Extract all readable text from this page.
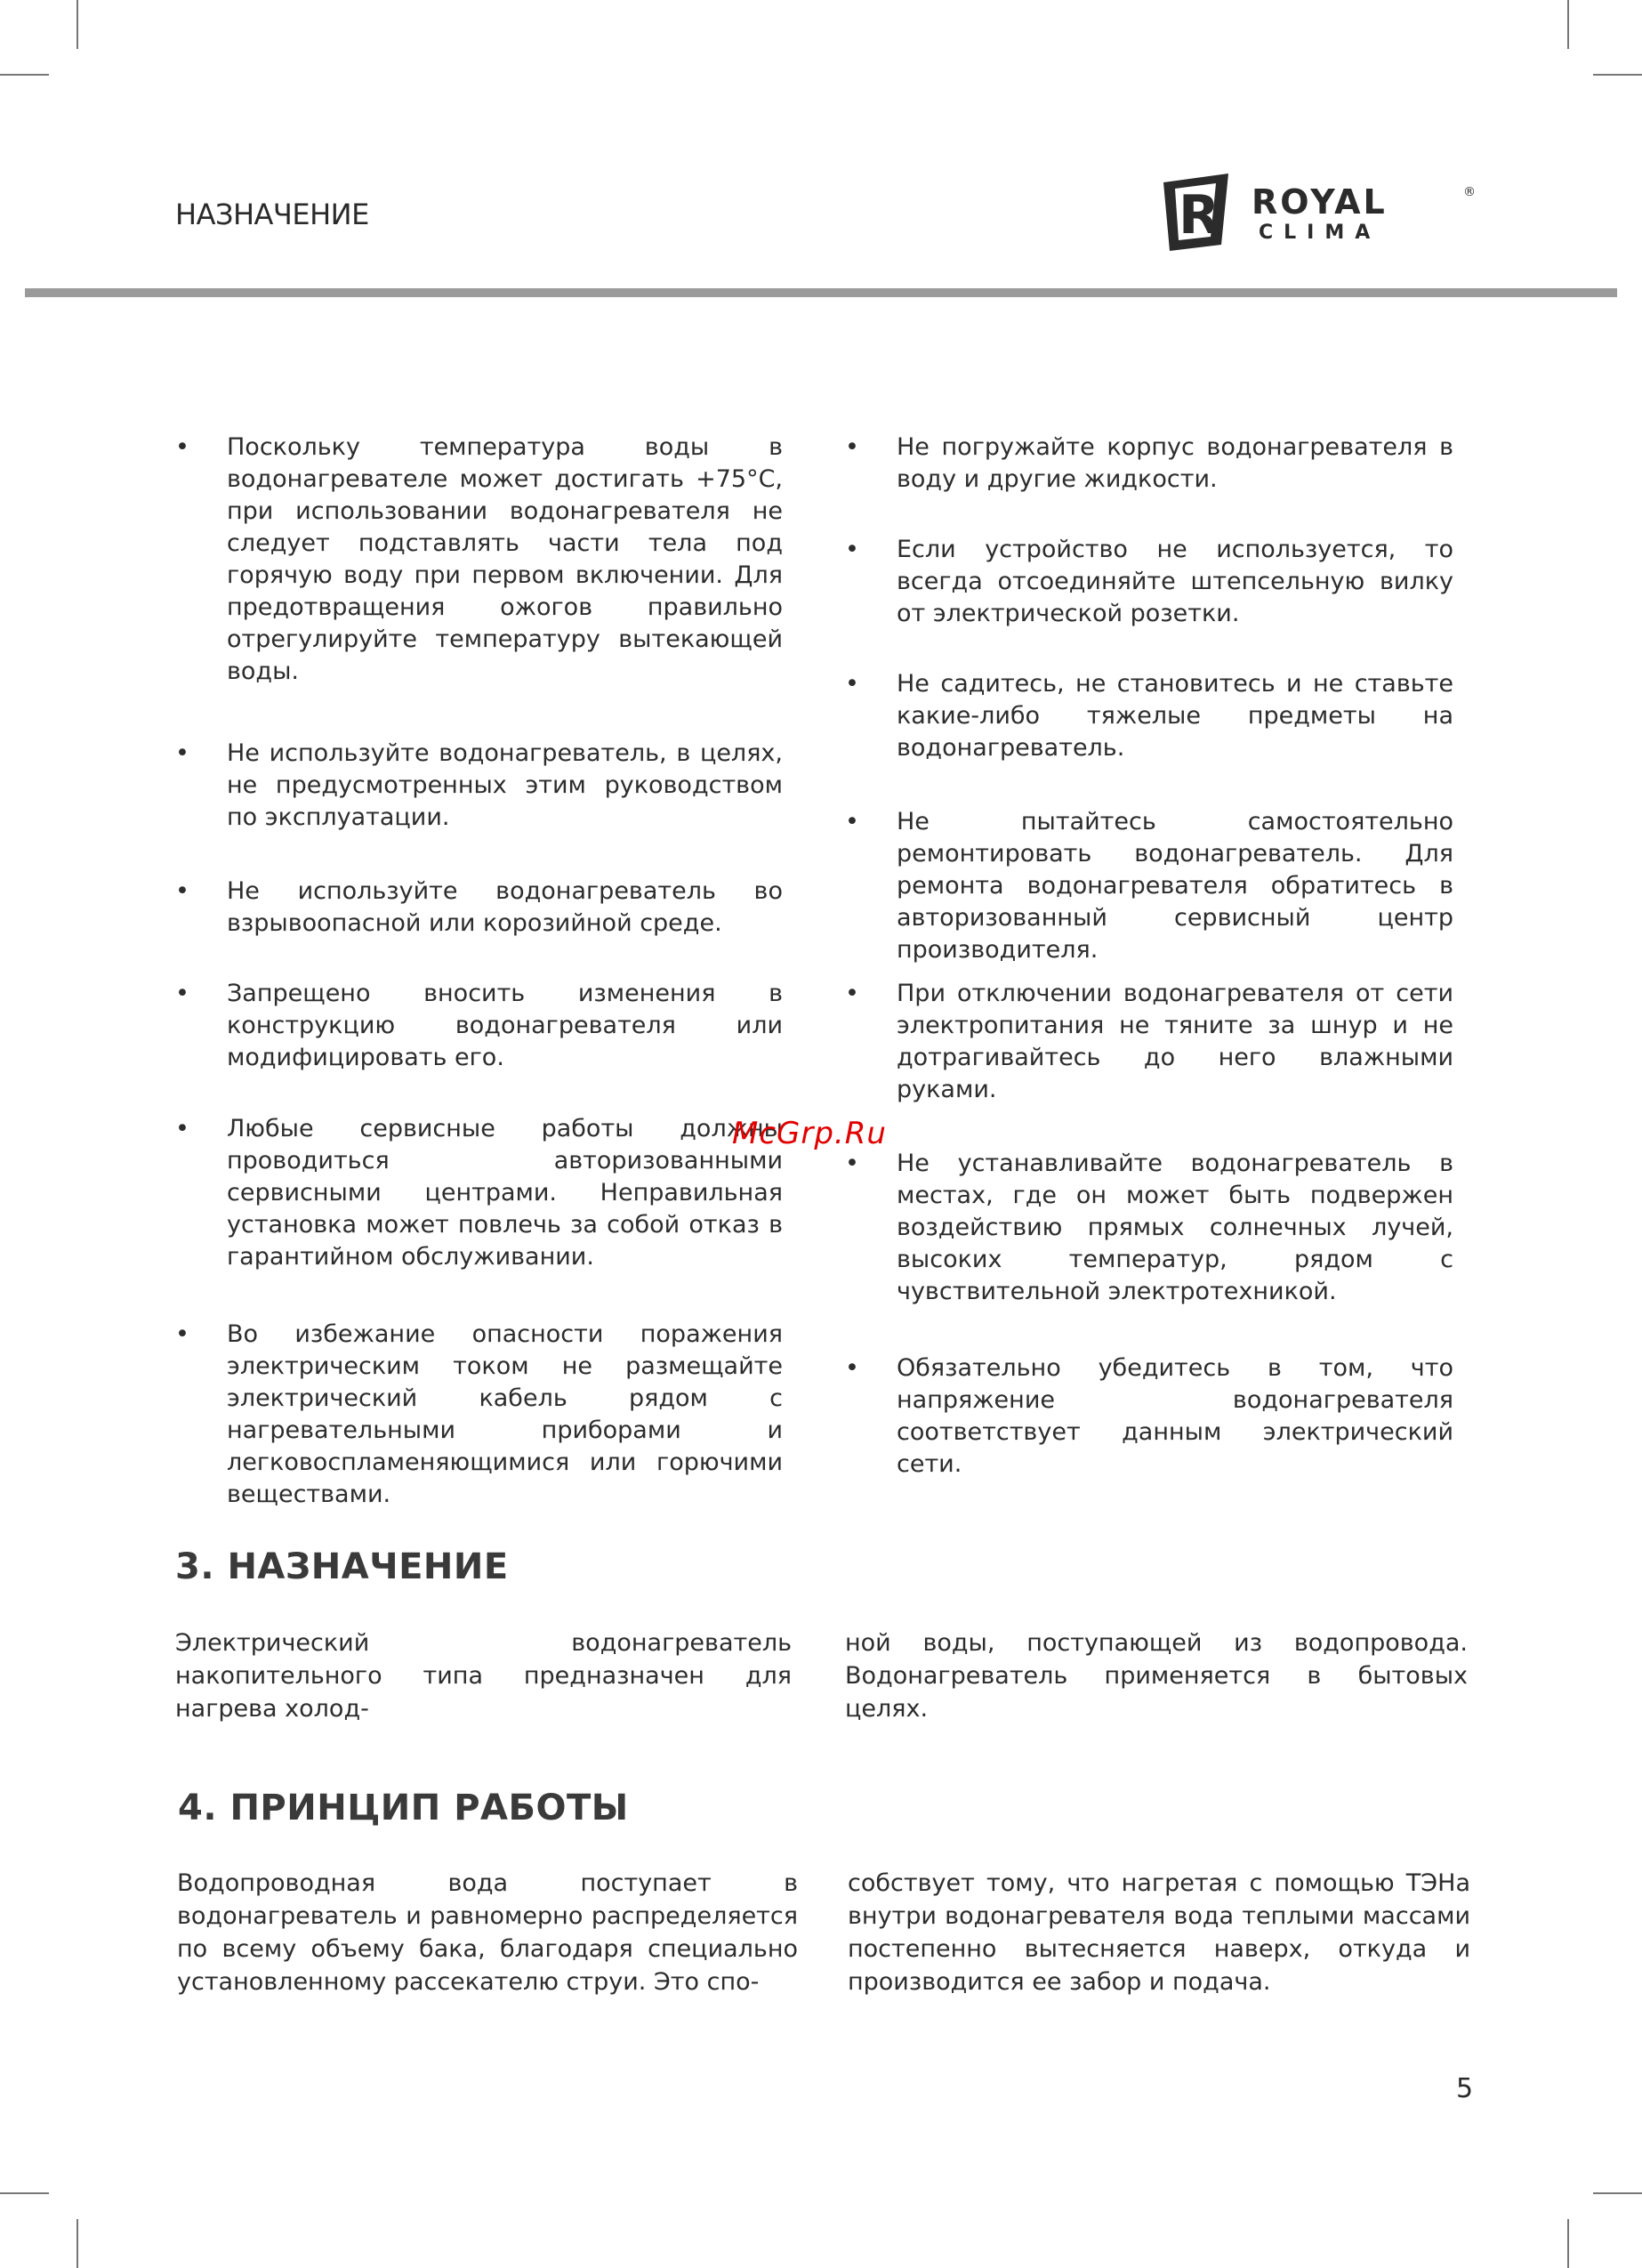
НАЗНАЧЕНИЕ	R ROYAL	®
CLIMA
• Поскольку температура воды в водонагревателе может достигать +75°С, при использовании водонагревателя не следует подставлять части тела под горячую воду при первом включении. Для предотвращения ожогов правильно отрегулируйте температуру вытекающей воды.
• Не используйте водонагреватель, в целях, не предусмотренных этим руководством по эксплуатации.
• Не используйте водонагреватель во взрывоопасной или корозийной среде.
• Запрещено вносить изменения в конструкцию водонагревателя или модифицировать его.
• Любые сервисные работы должны проводиться авторизованными сервисными центрами. Неправильная установка может повлечь за собой отказ в гарантийном обслуживании.
• Во избежание опасности поражения электрическим током не размещайте электрический кабель рядом с нагревательными приборами и легковоспламеняющимися или горючими веществами.
• Не погружайте корпус водонагревателя в воду и другие жидкости.
• Если устройство не используется, то всегда отсоединяйте штепсельную вилку от электрической розетки.
• Не садитесь, не становитесь и не ставьте какие-либо тяжелые предметы на водонагреватель.
• Не пытайтесь самостоятельно ремонтировать водонагреватель. Для ремонта водонагревателя обратитесь в авторизованный сервисный центр производителя.
• При отключении водонагревателя от сети электропитания не тяните за шнур и не дотрагивайтесь до него влажными руками.
• Не устанавливайте водонагреватель в местах, где он может быть подвержен воздействию прямых солнечных лучей, высоких температур, рядом с чувствительной электротехникой.
• Обязательно убедитесь в том, что напряжение водонагревателя соответствует данным электрический сети.
McGrp.Ru
3. НАЗНАЧЕНИЕ
Электрический водонагреватель накопительного типа предназначен для нагрева холод-
ной воды, поступающей из водопровода. Водонагреватель применяется в бытовых целях.
4. ПРИНЦИП РАБОТЫ
Водопроводная вода поступает в водонагреватель и равномерно распределяется по всему объему бака, благодаря специально установленному рассекателю струи. Это спо-
собствует тому, что нагретая с помощью ТЭНа внутри водонагревателя вода теплыми массами постепенно вытесняется наверх, откуда и производится ее забор и подача.
5
